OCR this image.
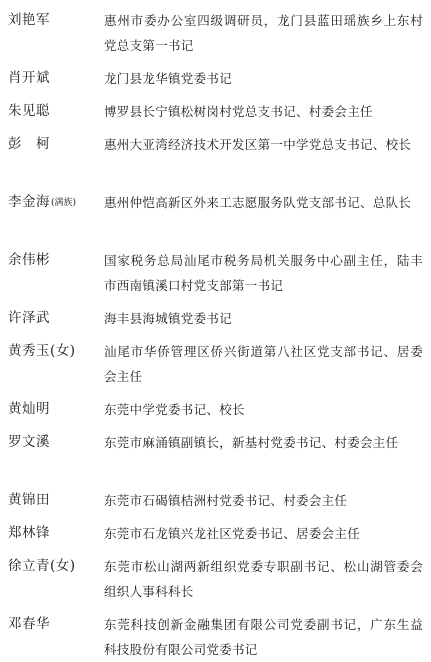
刘艳军	惠州市委办公室四级调研员，龙门县蓝田瑶族乡上东村党总支第一书记
肖开斌	龙门县龙华镇党委书记
朱见聪	博罗县长宁镇松树岗村党总支书记、村委会主任
彭　柯	惠州大亚湾经济技术开发区第一中学党总支书记、校长
李金海(满族)	惠州仲恺高新区外来工志愿服务队党支部书记、总队长
余伟彬	国家税务总局汕尾市税务局机关服务中心副主任，陆丰市西南镇溪口村党支部第一书记
许泽武	海丰县海城镇党委书记
黄秀玉(女)	汕尾市华侨管理区侨兴街道第八社区党支部书记、居委会主任
黄灿明	东莞中学党委书记、校长
罗文溪	东莞市麻涌镇副镇长，新基村党委书记、村委会主任
黄锦田	东莞市石碣镇桔洲村党委书记、村委会主任
郑林锋	东莞市石龙镇兴龙社区党委书记、居委会主任
徐立青(女)	东莞市松山湖两新组织党委专职副书记、松山湖管委会组织人事科科长
邓春华	东莞科技创新金融集团有限公司党委副书记，广东生益科技股份有限公司党委书记
